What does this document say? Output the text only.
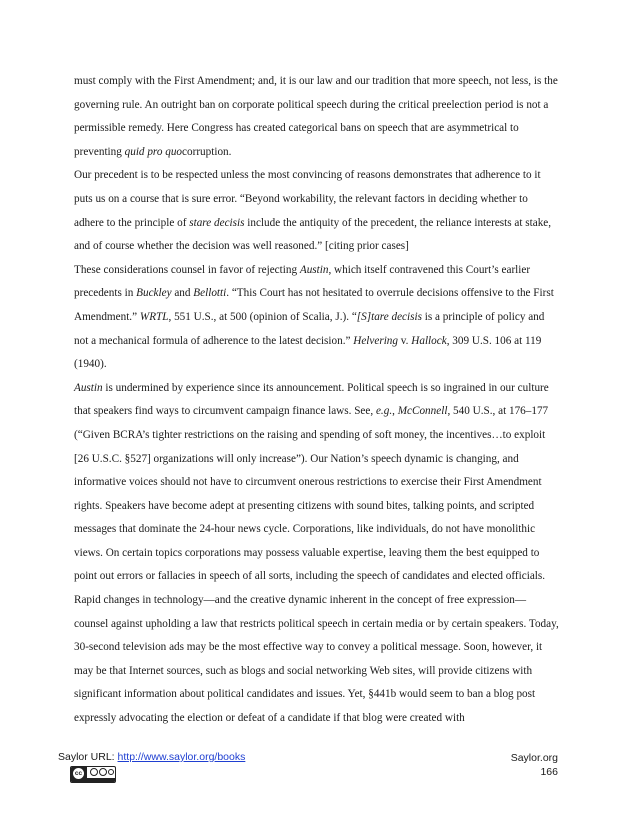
must comply with the First Amendment; and, it is our law and our tradition that more speech, not less, is the governing rule. An outright ban on corporate political speech during the critical preelection period is not a permissible remedy. Here Congress has created categorical bans on speech that are asymmetrical to preventing quid pro quocorruption.

Our precedent is to be respected unless the most convincing of reasons demonstrates that adherence to it puts us on a course that is sure error. “Beyond workability, the relevant factors in deciding whether to adhere to the principle of stare decisis include the antiquity of the precedent, the reliance interests at stake, and of course whether the decision was well reasoned.” [citing prior cases]

These considerations counsel in favor of rejecting Austin, which itself contravened this Court’s earlier precedents in Buckley and Bellotti. “This Court has not hesitated to overrule decisions offensive to the First Amendment.” WRTL, 551 U.S., at 500 (opinion of Scalia, J.). “[S]tare decisis is a principle of policy and not a mechanical formula of adherence to the latest decision.” Helvering v. Hallock, 309 U.S. 106 at 119 (1940).

Austin is undermined by experience since its announcement. Political speech is so ingrained in our culture that speakers find ways to circumvent campaign finance laws. See, e.g., McConnell, 540 U.S., at 176–177 (“Given BCRA’s tighter restrictions on the raising and spending of soft money, the incentives…to exploit [26 U.S.C. §527] organizations will only increase”). Our Nation’s speech dynamic is changing, and informative voices should not have to circumvent onerous restrictions to exercise their First Amendment rights. Speakers have become adept at presenting citizens with sound bites, talking points, and scripted messages that dominate the 24-hour news cycle. Corporations, like individuals, do not have monolithic views. On certain topics corporations may possess valuable expertise, leaving them the best equipped to point out errors or fallacies in speech of all sorts, including the speech of candidates and elected officials. Rapid changes in technology—and the creative dynamic inherent in the concept of free expression—counsel against upholding a law that restricts political speech in certain media or by certain speakers. Today, 30-second television ads may be the most effective way to convey a political message. Soon, however, it may be that Internet sources, such as blogs and social networking Web sites, will provide citizens with significant information about political candidates and issues. Yet, §441b would seem to ban a blog post expressly advocating the election or defeat of a candidate if that blog were created with

Saylor URL: http://www.saylor.org/books
cc
Saylor.org
166
